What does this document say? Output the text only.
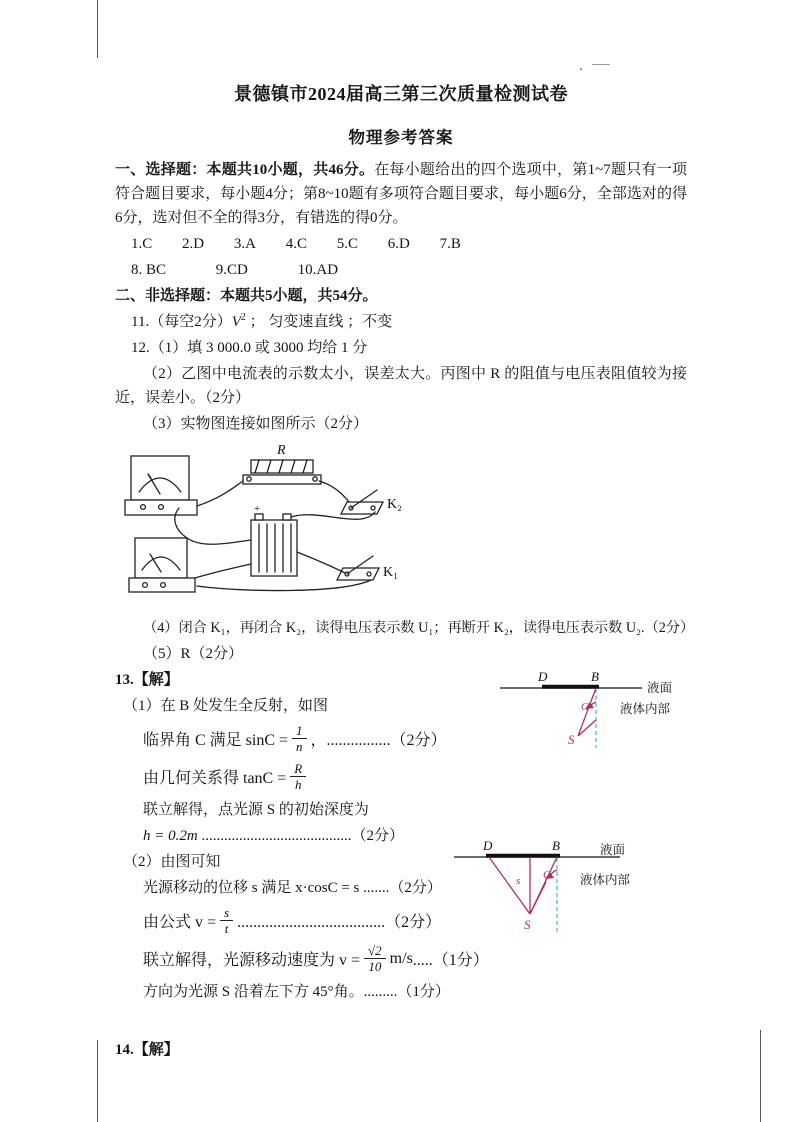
景德镇市2024届高三第三次质量检测试卷
物理参考答案

一、选择题：本题共10小题，共46分。在每小题给出的四个选项中，第1~7题只有一项符合题目要求，每小题4分；第8~10题有多项符合题目要求，每小题6分，全部选对的得6分，选对但不全的得3分，有错选的得0分。

1.C 2.D 3.A 4.C 5.C 6.D 7.B

8. BC	9.CD	10.AD

二、非选择题：本题共5小题，共54分。

11.（每空2分）$V^2$ ； 匀变速直线 ；不变

12.（1）填 3 000.0 或 3000 均给 1 分

（2）乙图中电流表的示数太小，误差太大。丙图中 R 的阻值与电压表阻值较为接近，误差小。（2分）

（3）实物图连接如图所示（2分）

R
+	K₂
K₁

（4）闭合 K₁，再闭合 K₂，读得电压表示数 U₁；再断开 K₂，读得电压表示数 U₂.（2分）

（5）R（2分）

13.【解】

（1）在 B 处发生全反射，如图

临界角 C 满足 $\sin C = \frac{1}{n}$ ，................（2分）
由几何关系得 $\tan C = \frac{R}{h}$

联立解得，点光源 S 的初始深度为

h = 0.2m ........................................（2分）

（2）由图可知

光源移动的位移 s 满足 x·cosC = s .......（2分）

由公式 $v = \frac{s}{t} .....................................(2$分）
联立解得，光源移动速度为 $v = \frac{√2}{10} m/s$ .....（1分）

方向为光源 S 沿着左下方 45°角。.........（1分）

14.【解】

D	B
C
S
液面
液体内部
D	B
s C
S
液面
液体内部
